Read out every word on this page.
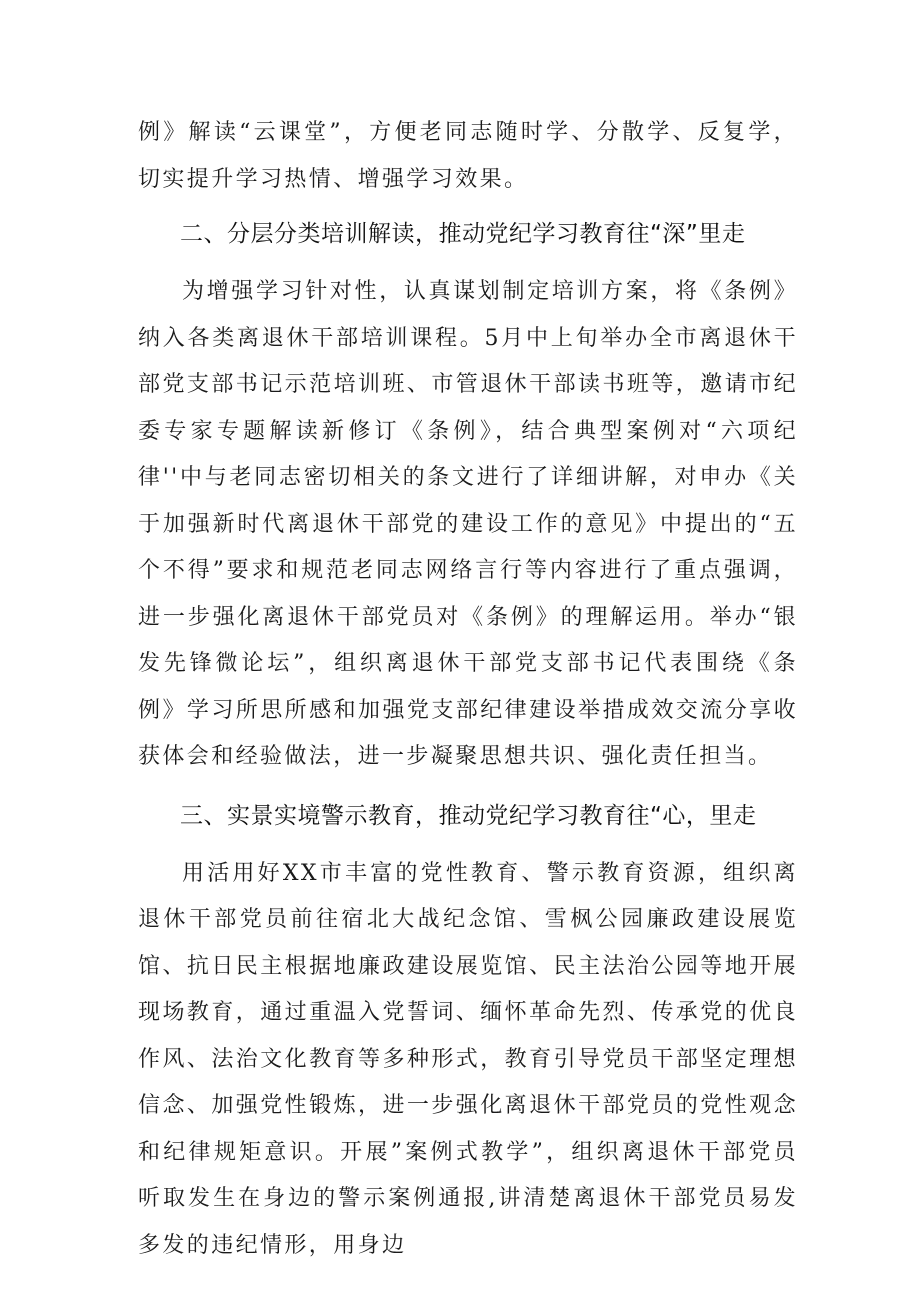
例》解读“云课堂”，方便老同志随时学、分散学、反复学，切实提升学习热情、增强学习效果。

二、分层分类培训解读，推动党纪学习教育往“深”里走

为增强学习针对性，认真谋划制定培训方案，将《条例》纳入各类离退休干部培训课程。5月中上旬举办全市离退休干部党支部书记示范培训班、市管退休干部读书班等，邀请市纪委专家专题解读新修订《条例》，结合典型案例对“六项纪律''中与老同志密切相关的条文进行了详细讲解，对申办《关于加强新时代离退休干部党的建设工作的意见》中提出的“五个不得”要求和规范老同志网络言行等内容进行了重点强调，进一步强化离退休干部党员对《条例》的理解运用。举办“银发先锋微论坛”，组织离退休干部党支部书记代表围绕《条例》学习所思所感和加强党支部纪律建设举措成效交流分享收获体会和经验做法，进一步凝聚思想共识、强化责任担当。

三、实景实境警示教育，推动党纪学习教育往“心，里走

用活用好XX市丰富的党性教育、警示教育资源，组织离退休干部党员前往宿北大战纪念馆、雪枫公园廉政建设展览馆、抗日民主根据地廉政建设展览馆、民主法治公园等地开展现场教育，通过重温入党誓词、缅怀革命先烈、传承党的优良作风、法治文化教育等多种形式，教育引导党员干部坚定理想信念、加强党性锻炼，进一步强化离退休干部党员的党性观念和纪律规矩意识。开展”案例式教学”，组织离退休干部党员听取发生在身边的警示案例通报,讲清楚离退休干部党员易发多发的违纪情形，用身边
